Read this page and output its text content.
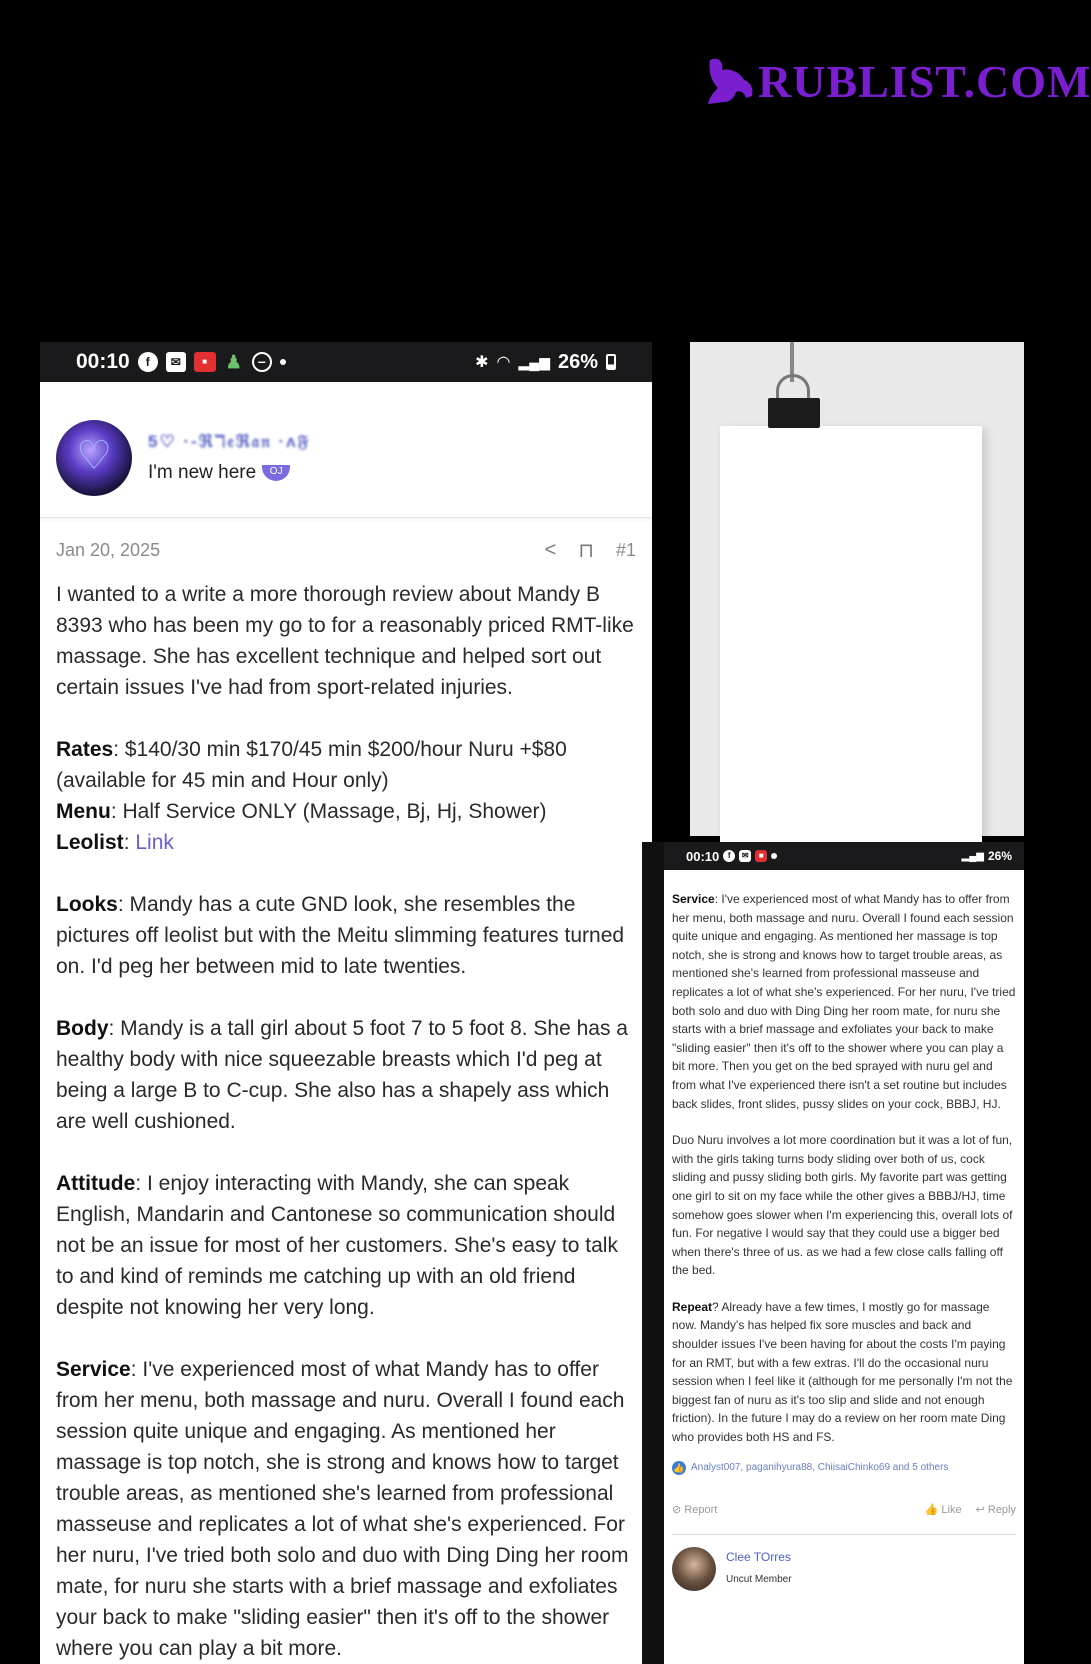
RUBLIST.COM
00:10	f	✉	■	♟	–	✱ ◠ ▂▄▆ 26%
♡ 5♡ ·-ℜℸ𝔢ℜ𝔞𝔫 ·ʌ𝔉
I'm new here	OJ
Jan 20, 2025	< ⊓ #1

I wanted to a write a more thorough review about Mandy B 8393 who has been my go to for a reasonably priced RMT-like massage. She has excellent technique and helped sort out certain issues I've had from sport-related injuries.

Rates: $140/30 min $170/45 min $200/hour Nuru +$80 (available for 45 min and Hour only)
Menu: Half Service ONLY (Massage, Bj, Hj, Shower)
Leolist: Link

Looks: Mandy has a cute GND look, she resembles the pictures off leolist but with the Meitu slimming features turned on. I'd peg her between mid to late twenties.

Body: Mandy is a tall girl about 5 foot 7 to 5 foot 8. She has a healthy body with nice squeezable breasts which I'd peg at being a large B to C-cup. She also has a shapely ass which are well cushioned.

Attitude: I enjoy interacting with Mandy, she can speak English, Mandarin and Cantonese so communication should not be an issue for most of her customers. She's easy to talk to and kind of reminds me catching up with an old friend despite not knowing her very long.

Service: I've experienced most of what Mandy has to offer from her menu, both massage and nuru. Overall I found each session quite unique and engaging. As mentioned her massage is top notch, she is strong and knows how to target trouble areas, as mentioned she's learned from professional masseuse and replicates a lot of what she's experienced. For her nuru, I've tried both solo and duo with Ding Ding her room mate, for nuru she starts with a brief massage and exfoliates your back to make "sliding easier" then it's off to the shower where you can play a bit more.

00:10	f	✉	■	▂▄▆ 26%

Service: I've experienced most of what Mandy has to offer from her menu, both massage and nuru. Overall I found each session quite unique and engaging. As mentioned her massage is top notch, she is strong and knows how to target trouble areas, as mentioned she's learned from professional masseuse and replicates a lot of what she's experienced. For her nuru, I've tried both solo and duo with Ding Ding her room mate, for nuru she starts with a brief massage and exfoliates your back to make "sliding easier" then it's off to the shower where you can play a bit more. Then you get on the bed sprayed with nuru gel and from what I've experienced there isn't a set routine but includes back slides, front slides, pussy slides on your cock, BBBJ, HJ.

Duo Nuru involves a lot more coordination but it was a lot of fun, with the girls taking turns body sliding over both of us, cock sliding and pussy sliding both girls. My favorite part was getting one girl to sit on my face while the other gives a BBBJ/HJ, time somehow goes slower when I'm experiencing this, overall lots of fun. For negative I would say that they could use a bigger bed when there's three of us. as we had a few close calls falling off the bed.

Repeat? Already have a few times, I mostly go for massage now. Mandy's has helped fix sore muscles and back and shoulder issues I've been having for about the costs I'm paying for an RMT, but with a few extras. I'll do the occasional nuru session when I feel like it (although for me personally I'm not the biggest fan of nuru as it's too slip and slide and not enough friction). In the future I may do a review on her room mate Ding who provides both HS and FS.

👍 Analyst007, paganihyura88, ChiisaiChinko69 and 5 others
⊘ Report	👍 Like ↩ Reply
Clee TOrres
Uncut Member
